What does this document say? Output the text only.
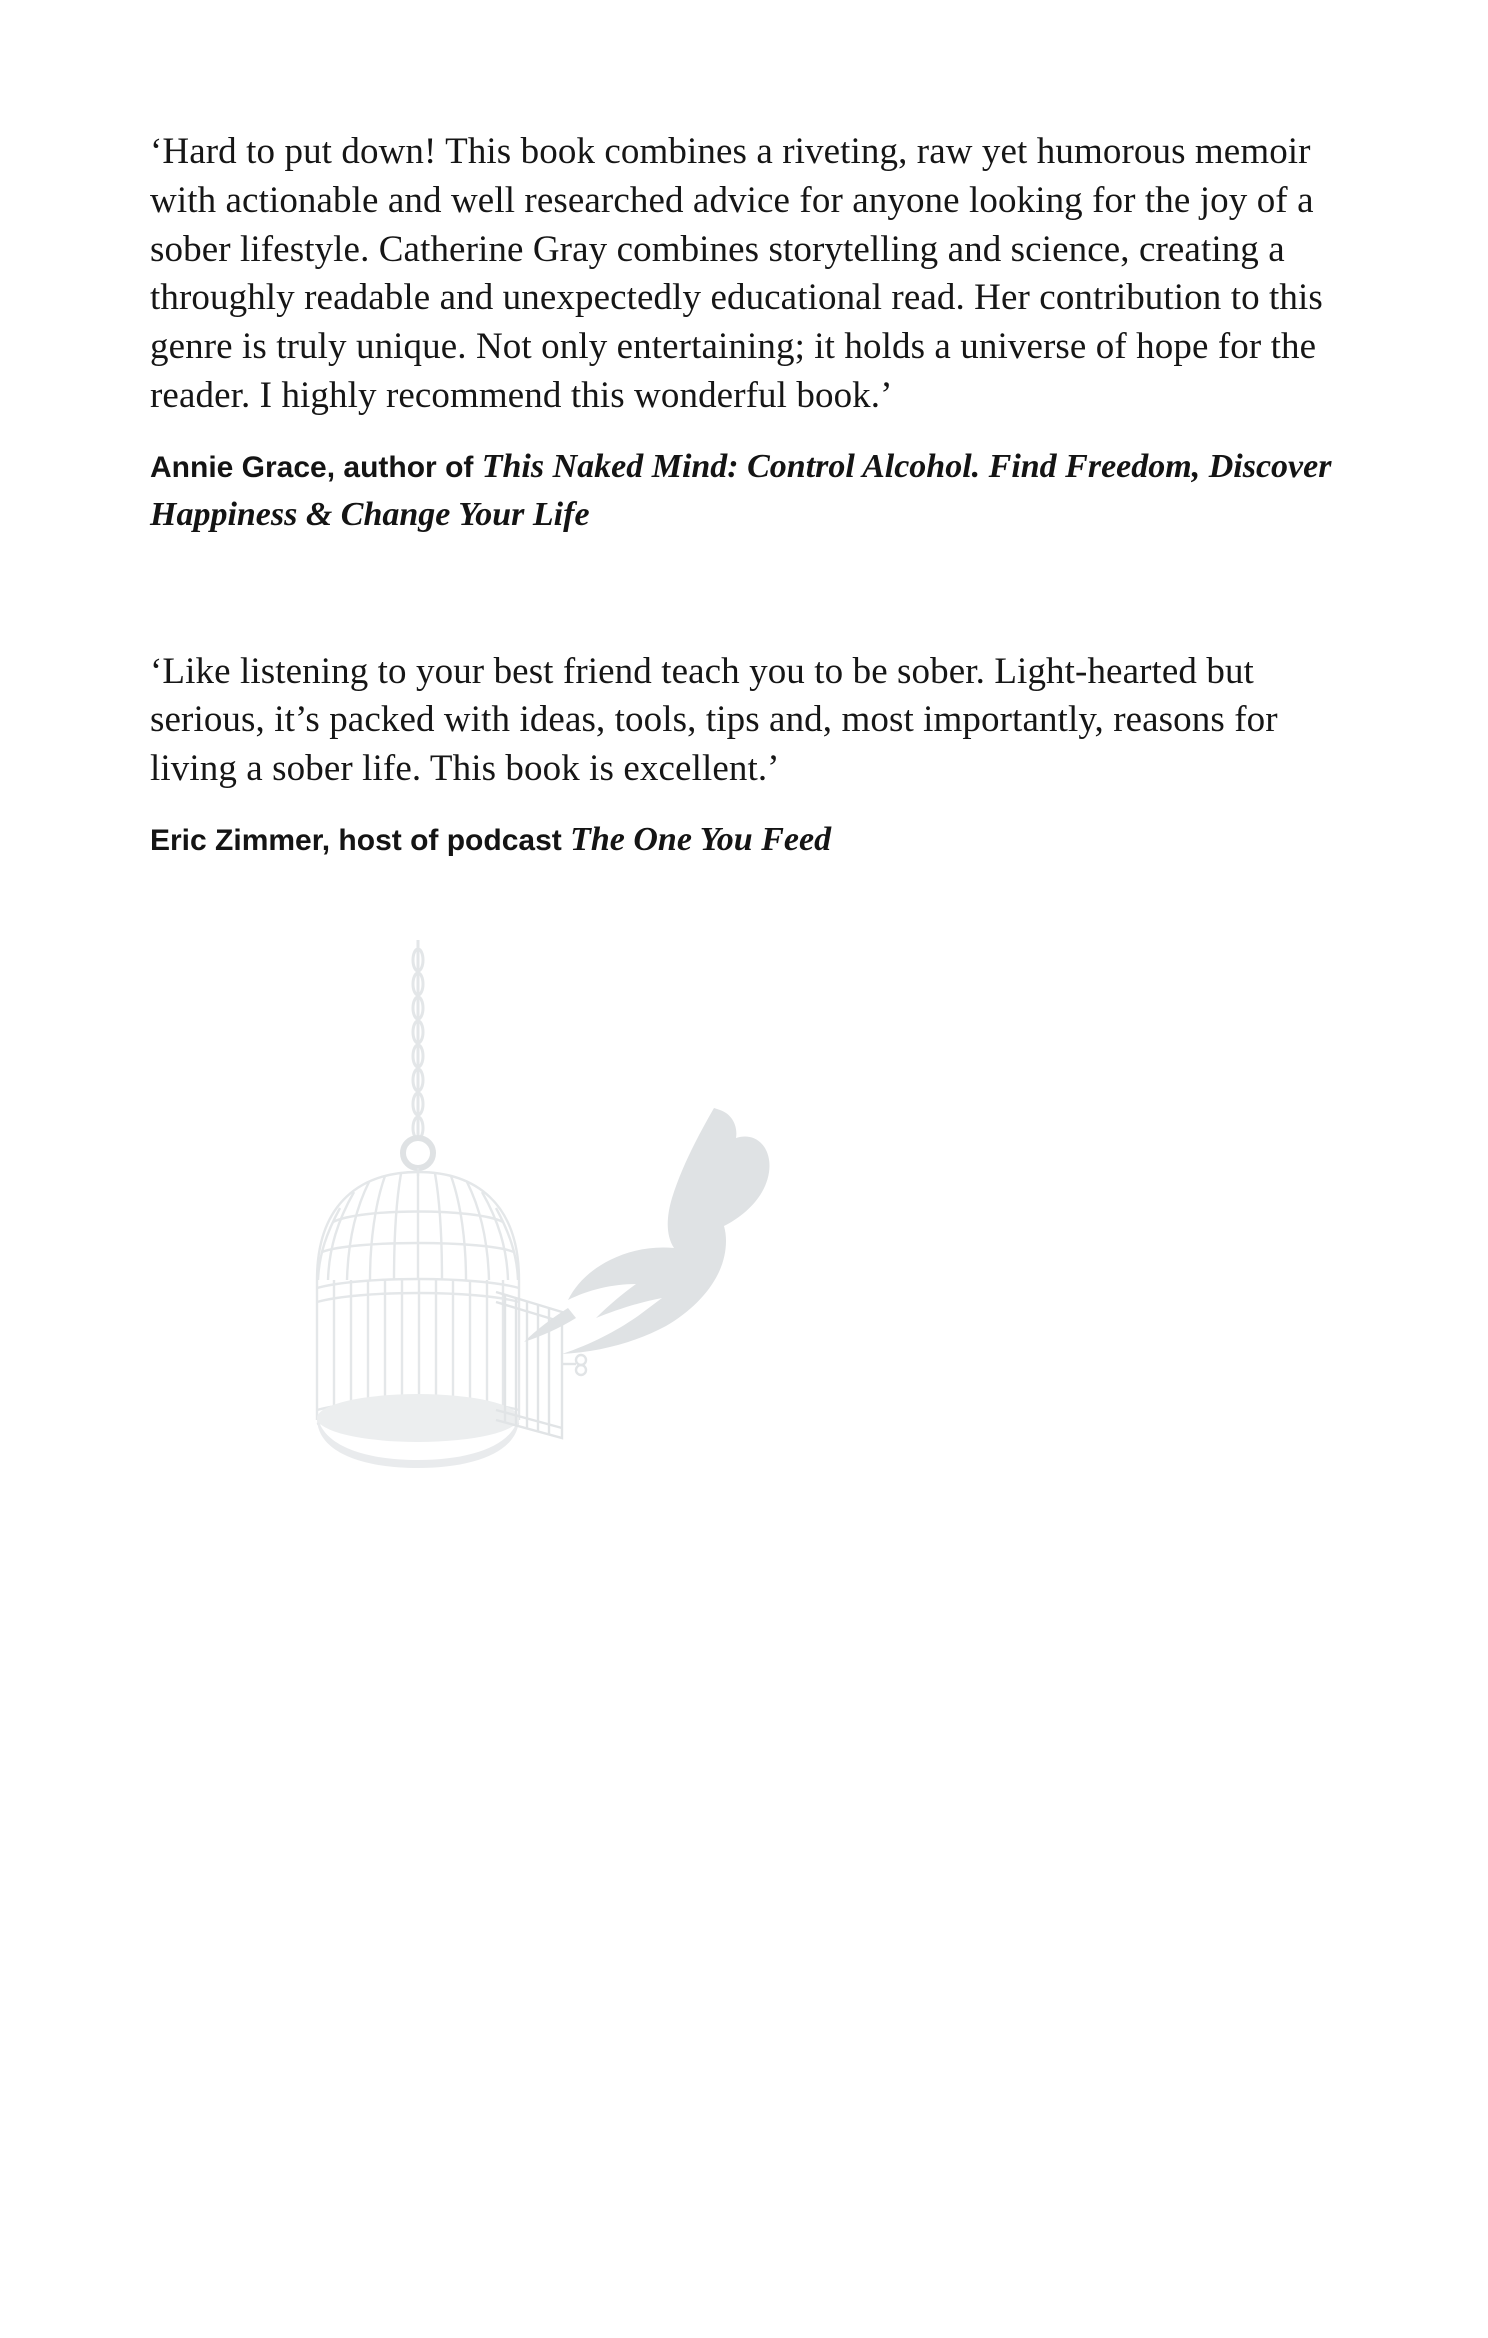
‘Hard to put down! This book combines a riveting, raw yet humorous memoir with actionable and well researched advice for anyone looking for the joy of a sober lifestyle. Catherine Gray combines storytelling and science, creating a throughly readable and unexpectedly educational read. Her contribution to this genre is truly unique. Not only entertaining; it holds a universe of hope for the reader. I highly recommend this wonderful book.’

Annie Grace, author of This Naked Mind: Control Alcohol. Find Freedom, Discover Happiness & Change Your Life

‘Like listening to your best friend teach you to be sober. Light-hearted but serious, it’s packed with ideas, tools, tips and, most importantly, reasons for living a sober life. This book is excellent.’

Eric Zimmer, host of podcast The One You Feed
